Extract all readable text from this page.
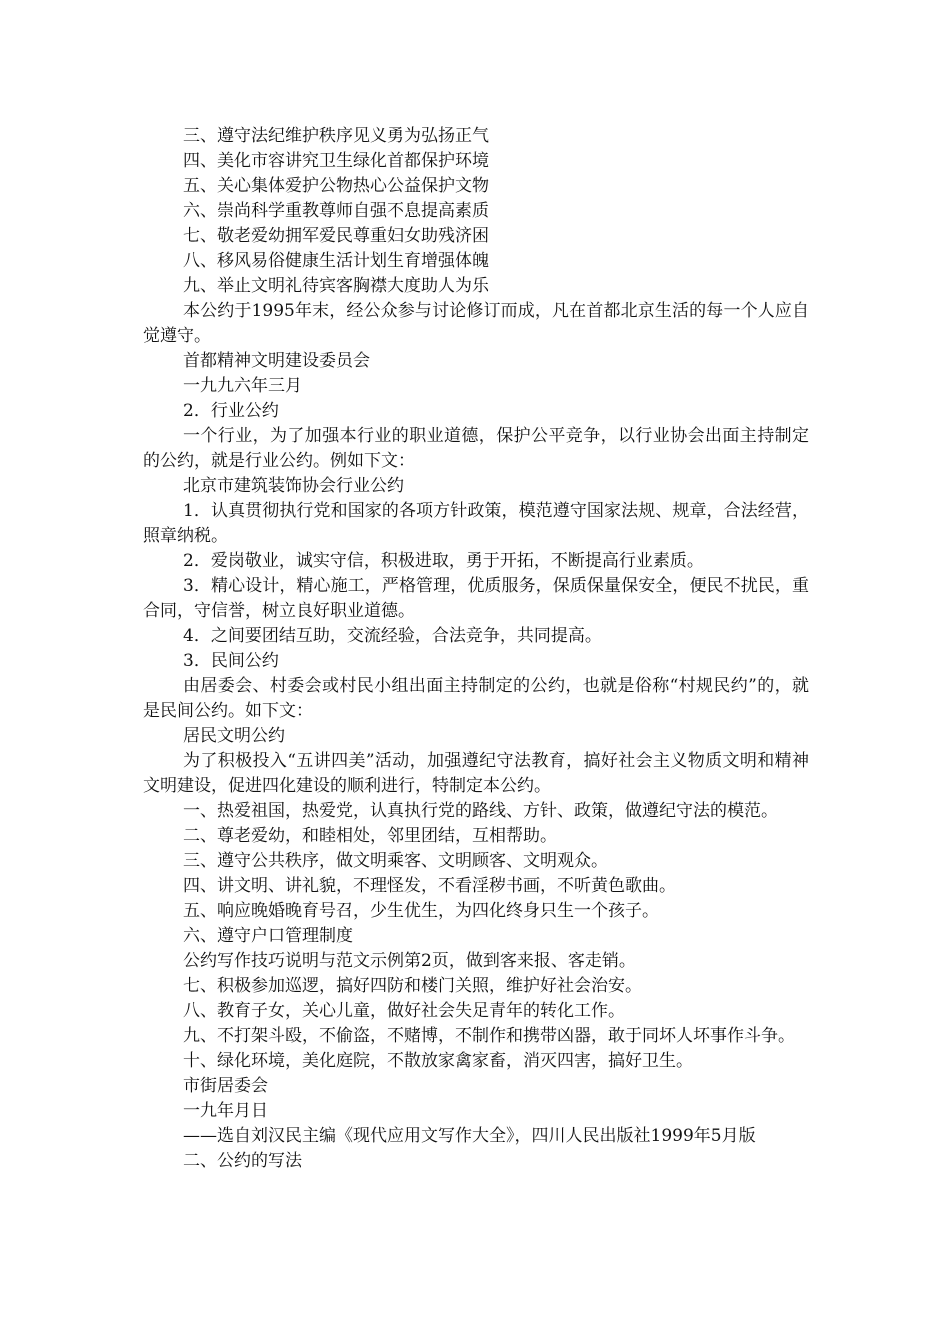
三、遵守法纪维护秩序见义勇为弘扬正气

四、美化市容讲究卫生绿化首都保护环境

五、关心集体爱护公物热心公益保护文物

六、崇尚科学重教尊师自强不息提高素质

七、敬老爱幼拥军爱民尊重妇女助残济困

八、移风易俗健康生活计划生育增强体魄

九、举止文明礼待宾客胸襟大度助人为乐

本公约于1995年末，经公众参与讨论修订而成，凡在首都北京生活的每一个人应自觉遵守。

首都精神文明建设委员会

一九九六年三月

2．行业公约

一个行业，为了加强本行业的职业道德，保护公平竞争，以行业协会出面主持制定的公约，就是行业公约。例如下文：

北京市建筑装饰协会行业公约

1．认真贯彻执行党和国家的各项方针政策，模范遵守国家法规、规章，合法经营，照章纳税。

2．爱岗敬业，诚实守信，积极进取，勇于开拓，不断提高行业素质。

3．精心设计，精心施工，严格管理，优质服务，保质保量保安全，便民不扰民，重合同，守信誉，树立良好职业道德。

4．之间要团结互助，交流经验，合法竞争，共同提高。

3．民间公约

由居委会、村委会或村民小组出面主持制定的公约，也就是俗称“村规民约”的，就是民间公约。如下文：

居民文明公约

为了积极投入“五讲四美”活动，加强遵纪守法教育，搞好社会主义物质文明和精神文明建设，促进四化建设的顺利进行，特制定本公约。

一、热爱祖国，热爱党，认真执行党的路线、方针、政策，做遵纪守法的模范。

二、尊老爱幼，和睦相处，邻里团结，互相帮助。

三、遵守公共秩序，做文明乘客、文明顾客、文明观众。

四、讲文明、讲礼貌，不理怪发，不看淫秽书画，不听黄色歌曲。

五、响应晚婚晚育号召，少生优生，为四化终身只生一个孩子。

六、遵守户口管理制度

公约写作技巧说明与范文示例第2页，做到客来报、客走销。

七、积极参加巡逻，搞好四防和楼门关照，维护好社会治安。

八、教育子女，关心儿童，做好社会失足青年的转化工作。

九、不打架斗殴，不偷盗，不赌博，不制作和携带凶器，敢于同坏人坏事作斗争。

十、绿化环境，美化庭院，不散放家禽家畜，消灭四害，搞好卫生。

市街居委会

一九年月日

——选自刘汉民主编《现代应用文写作大全》，四川人民出版社1999年5月版

二、公约的写法
